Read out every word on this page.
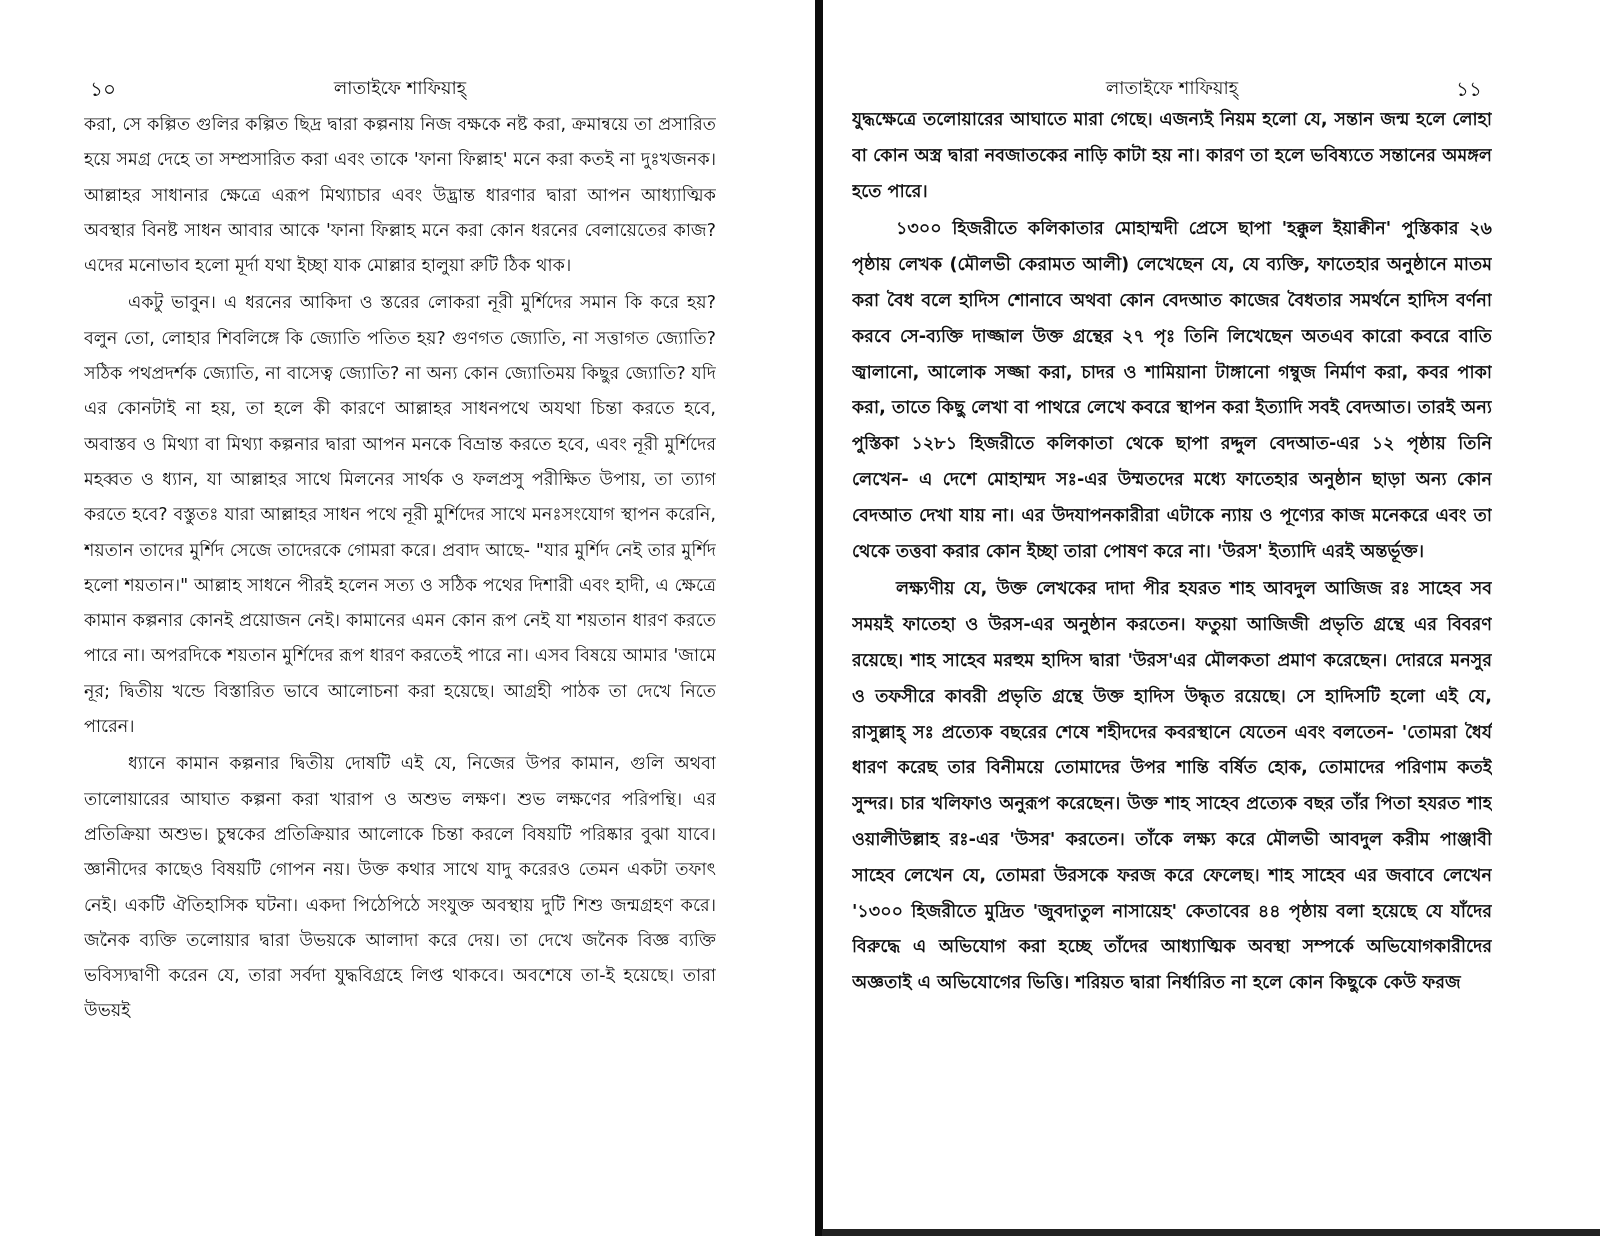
১০	লাতাইফে শাফিয়াহ্

করা, সে কল্পিত গুলির কল্পিত ছিদ্র দ্বারা কল্পনায় নিজ বক্ষকে নষ্ট করা, ক্রমান্বয়ে তা প্রসারিত হয়ে সমগ্র দেহে তা সম্প্রসারিত করা এবং তাকে 'ফানা ফিল্লাহ' মনে করা কতই না দুঃখজনক। আল্লাহর সাধানার ক্ষেত্রে এরূপ মিথ্যাচার এবং উদ্ভ্রান্ত ধারণার দ্বারা আপন আধ্যাত্মিক অবস্থার বিনষ্ট সাধন আবার আকে 'ফানা ফিল্লাহ মনে করা কোন ধরনের বেলায়েতের কাজ? এদের মনোভাব হলো মূর্দা যথা ইচ্ছা যাক মোল্লার হালুয়া রুটি ঠিক থাক।

একটু ভাবুন। এ ধরনের আকিদা ও স্তরের লোকরা নূরী মুর্শিদের সমান কি করে হয়? বলুন তো, লোহার শিবলিঙ্গে কি জ্যোতি পতিত হয়? গুণগত জ্যোতি, না সত্তাগত জ্যোতি? সঠিক পথপ্রদর্শক জ্যোতি, না বাসেত্ব জ্যোতি? না অন্য কোন জ্যোতিময় কিছুর জ্যোতি? যদি এর কোনটাই না হয়, তা হলে কী কারণে আল্লাহর সাধনপথে অযথা চিন্তা করতে হবে, অবাস্তব ও মিথ্যা বা মিথ্যা কল্পনার দ্বারা আপন মনকে বিভ্রান্ত করতে হবে, এবং নূরী মুর্শিদের মহব্বত ও ধ্যান, যা আল্লাহর সাথে মিলনের সার্থক ও ফলপ্রসু পরীক্ষিত উপায়, তা ত্যাগ করতে হবে? বস্তুতঃ যারা আল্লাহর সাধন পথে নূরী মুর্শিদের সাথে মনঃসংযোগ স্থাপন করেনি, শয়তান তাদের মুর্শিদ সেজে তাদেরকে গোমরা করে। প্রবাদ আছে- "যার মুর্শিদ নেই তার মুর্শিদ হলো শয়তান।" আল্লাহ সাধনে পীরই হলেন সত্য ও সঠিক পথের দিশারী এবং হাদী, এ ক্ষেত্রে কামান কল্পনার কোনই প্রয়োজন নেই। কামানের এমন কোন রূপ নেই যা শয়তান ধারণ করতে পারে না। অপরদিকে শয়তান মুর্শিদের রূপ ধারণ করতেই পারে না। এসব বিষয়ে আমার 'জামে নূর; দ্বিতীয় খন্ডে বিস্তারিত ভাবে আলোচনা করা হয়েছে। আগ্রহী পাঠক তা দেখে নিতে পারেন।

ধ্যানে কামান কল্পনার দ্বিতীয় দোষটি এই যে, নিজের উপর কামান, গুলি অথবা তালোয়ারের আঘাত কল্পনা করা খারাপ ও অশুভ লক্ষণ। শুভ লক্ষণের পরিপন্থি। এর প্রতিক্রিয়া অশুভ। চুম্বকের প্রতিক্রিয়ার আলোকে চিন্তা করলে বিষয়টি পরিষ্কার বুঝা যাবে। জ্ঞানীদের কাছেও বিষয়টি গোপন নয়। উক্ত কথার সাথে যাদু করেরও তেমন একটা তফাৎ নেই। একটি ঐতিহাসিক ঘটনা। একদা পিঠেপিঠে সংযুক্ত অবস্থায় দুটি শিশু জন্মগ্রহণ করে। জনৈক ব্যক্তি তলোয়ার দ্বারা উভয়কে আলাদা করে দেয়। তা দেখে জনৈক বিজ্ঞ ব্যক্তি ভবিস্যদ্বাণী করেন যে, তারা সর্বদা যুদ্ধবিগ্রহে লিপ্ত থাকবে। অবশেষে তা-ই হয়েছে। তারা উভয়ই

লাতাইফে শাফিয়াহ্	১১

যুদ্ধক্ষেত্রে তলোয়ারের আঘাতে মারা গেছে। এজন্যই নিয়ম হলো যে, সন্তান জন্ম হলে লোহা বা কোন অস্ত্র দ্বারা নবজাতকের নাড়ি কাটা হয় না। কারণ তা হলে ভবিষ্যতে সন্তানের অমঙ্গল হতে পারে।

১৩০০ হিজরীতে কলিকাতার মোহাম্মদী প্রেসে ছাপা 'হক্কুল ইয়াক্বীন' পুস্তিকার ২৬ পৃষ্ঠায় লেখক (মৌলভী কেরামত আলী) লেখেছেন যে, যে ব্যক্তি, ফাতেহার অনুষ্ঠানে মাতম করা বৈধ বলে হাদিস শোনাবে অথবা কোন বেদআত কাজের বৈধতার সমর্থনে হাদিস বর্ণনা করবে সে-ব্যক্তি দাজ্জাল উক্ত গ্রন্থের ২৭ পৃঃ তিনি লিখেছেন অতএব কারো কবরে বাতি জ্বালানো, আলোক সজ্জা করা, চাদর ও শামিয়ানা টাঙ্গানো গম্বুজ নির্মাণ করা, কবর পাকা করা, তাতে কিছু লেখা বা পাথরে লেখে কবরে স্থাপন করা ইত্যাদি সবই বেদআত। তারই অন্য পুস্তিকা ১২৮১ হিজরীতে কলিকাতা থেকে ছাপা রদ্দুল বেদআত-এর ১২ পৃষ্ঠায় তিনি লেখেন- এ দেশে মোহাম্মদ সঃ-এর উম্মতদের মধ্যে ফাতেহার অনুষ্ঠান ছাড়া অন্য কোন বেদআত দেখা যায় না। এর উদযাপনকারীরা এটাকে ন্যায় ও পূণ্যের কাজ মনেকরে এবং তা থেকে তত্তবা করার কোন ইচ্ছা তারা পোষণ করে না। 'উরস' ইত্যাদি এরই অন্তর্ভূক্ত।

লক্ষ্যণীয় যে, উক্ত লেখকের দাদা পীর হযরত শাহ আবদুল আজিজ রঃ সাহেব সব সময়ই ফাতেহা ও উরস-এর অনুষ্ঠান করতেন। ফতুয়া আজিজী প্রভৃতি গ্রন্থে এর বিবরণ রয়েছে। শাহ সাহেব মরহুম হাদিস দ্বারা 'উরস'এর মৌলকতা প্রমাণ করেছেন। দোররে মনসুর ও তফসীরে কাবরী প্রভৃতি গ্রন্থে উক্ত হাদিস উদ্ধৃত রয়েছে। সে হাদিসটি হলো এই যে, রাসুল্লাহ্ সঃ প্রত্যেক বছরের শেষে শহীদদের কবরস্থানে যেতেন এবং বলতেন- 'তোমরা ধৈর্য ধারণ করেছ তার বিনীময়ে তোমাদের উপর শান্তি বর্ষিত হোক, তোমাদের পরিণাম কতই সুন্দর। চার খলিফাও অনুরূপ করেছেন। উক্ত শাহ সাহেব প্রত্যেক বছর তাঁর পিতা হযরত শাহ ওয়ালীউল্লাহ রঃ-এর 'উসর' করতেন। তাঁকে লক্ষ্য করে মৌলভী আবদুল করীম পাঞ্জাবী সাহেব লেখেন যে, তোমরা উরসকে ফরজ করে ফেলেছ। শাহ সাহেব এর জবাবে লেখেন '১৩০০ হিজরীতে মুদ্রিত 'জুবদাতুল নাসায়েহ' কেতাবের ৪৪ পৃষ্ঠায় বলা হয়েছে যে যাঁদের বিরুদ্ধে এ অভিযোগ করা হচ্ছে তাঁদের আধ্যাত্মিক অবস্থা সম্পর্কে অভিযোগকারীদের অজ্ঞতাই এ অভিযোগের ভিত্তি। শরিয়ত দ্বারা নির্ধারিত না হলে কোন কিছুকে কেউ ফরজ
